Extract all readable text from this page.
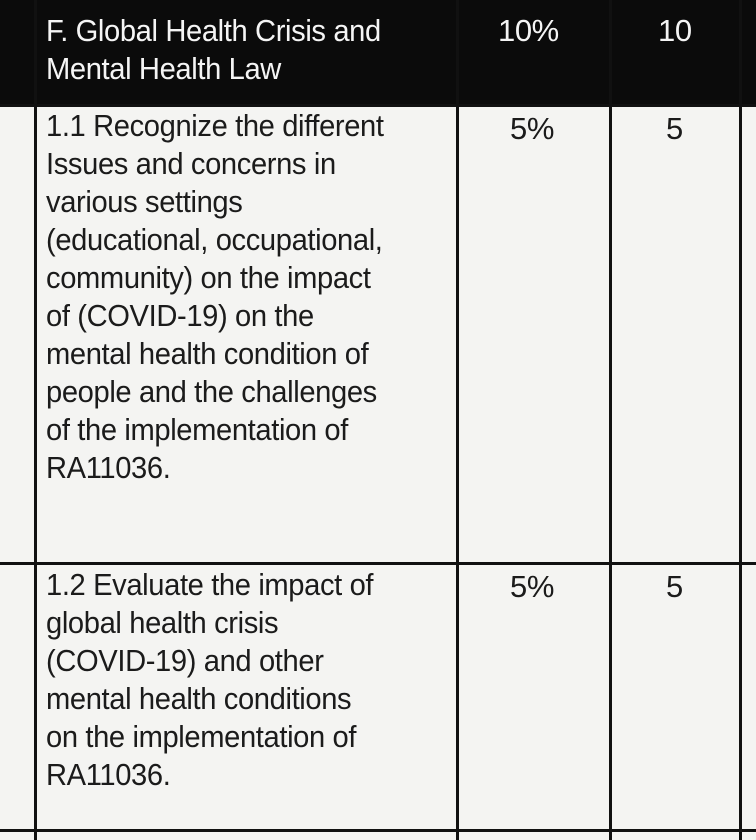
F. Global Health Crisis and
Mental Health Law
10%	10
1.1 Recognize the different
Issues and concerns in
various settings
(educational, occupational,
community) on the impact
of (COVID-19) on the
mental health condition of
people and the challenges
of the implementation of
RA11036.
5%	5
1.2 Evaluate the impact of
global health crisis
(COVID-19) and other
mental health conditions
on the implementation of
RA11036.
5%	5
